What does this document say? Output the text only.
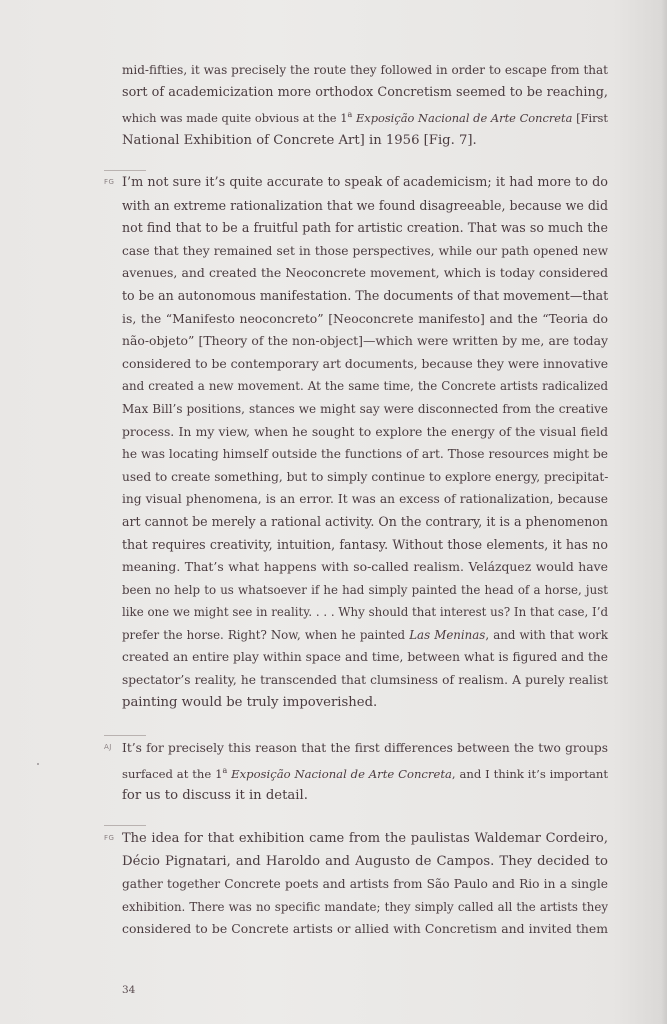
mid-fifties, it was precisely the route they followed in order to escape from that
sort of academicization more orthodox Concretism seemed to be reaching,
which was made quite obvious at the 1$^a$ Exposição Nacional de Arte Concreta [First
National Exhibition of Concrete Art] in 1956 [Fig. 7].
FG I’m not sure it’s quite accurate to speak of academicism; it had more to do
with an extreme rationalization that we found disagreeable, because we did
not find that to be a fruitful path for artistic creation. That was so much the
case that they remained set in those perspectives, while our path opened new
avenues, and created the Neoconcrete movement, which is today considered
to be an autonomous manifestation. The documents of that movement—that
is, the “Manifesto neoconcreto” [Neoconcrete manifesto] and the “Teoria do
não-objeto” [Theory of the non-object]—which were written by me, are today
considered to be contemporary art documents, because they were innovative
and created a new movement. At the same time, the Concrete artists radicalized
Max Bill’s positions, stances we might say were disconnected from the creative
process. In my view, when he sought to explore the energy of the visual field
he was locating himself outside the functions of art. Those resources might be
used to create something, but to simply continue to explore energy, precipitat-
ing visual phenomena, is an error. It was an excess of rationalization, because
art cannot be merely a rational activity. On the contrary, it is a phenomenon
that requires creativity, intuition, fantasy. Without those elements, it has no
meaning. That’s what happens with so-called realism. Velázquez would have
been no help to us whatsoever if he had simply painted the head of a horse, just
like one we might see in reality. . . . Why should that interest us? In that case, I’d
prefer the horse. Right? Now, when he painted Las Meninas, and with that work
created an entire play within space and time, between what is figured and the
spectator’s reality, he transcended that clumsiness of realism. A purely realist
painting would be truly impoverished.
AJ It’s for precisely this reason that the first differences between the two groups
surfaced at the 1$^a$ Exposição Nacional de Arte Concreta, and I think it’s important
for us to discuss it in detail.
FG The idea for that exhibition came from the paulistas Waldemar Cordeiro,
Décio Pignatari, and Haroldo and Augusto de Campos. They decided to
gather together Concrete poets and artists from São Paulo and Rio in a single
exhibition. There was no specific mandate; they simply called all the artists they
considered to be Concrete artists or allied with Concretism and invited them
34
